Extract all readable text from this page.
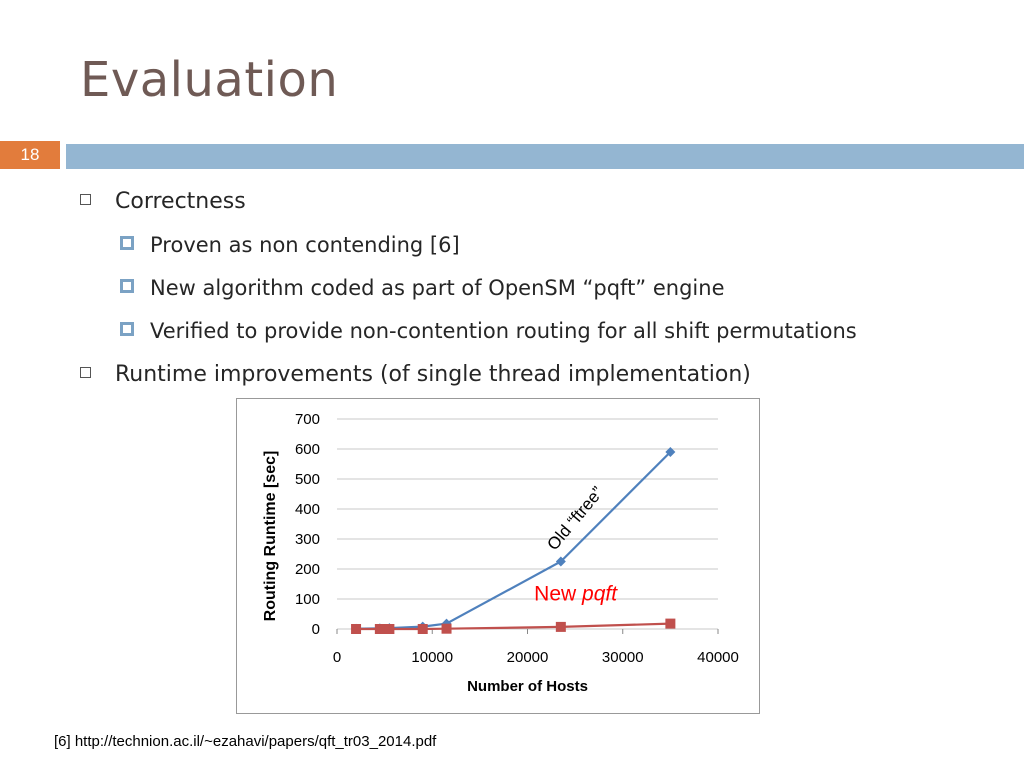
Evaluation
18
Correctness
Proven as non contending [6]
New algorithm coded as part of OpenSM “pqft” engine
Verified to provide non-contention routing for all shift permutations
Runtime improvements (of single thread implementation)
0
100
200
300
400
500
600
700
0	10000	20000	30000	40000
Number of Hosts
Routing Runtime [sec]	Old “ftree”
New pqft
[6] http://technion.ac.il/~ezahavi/papers/qft_tr03_2014.pdf
